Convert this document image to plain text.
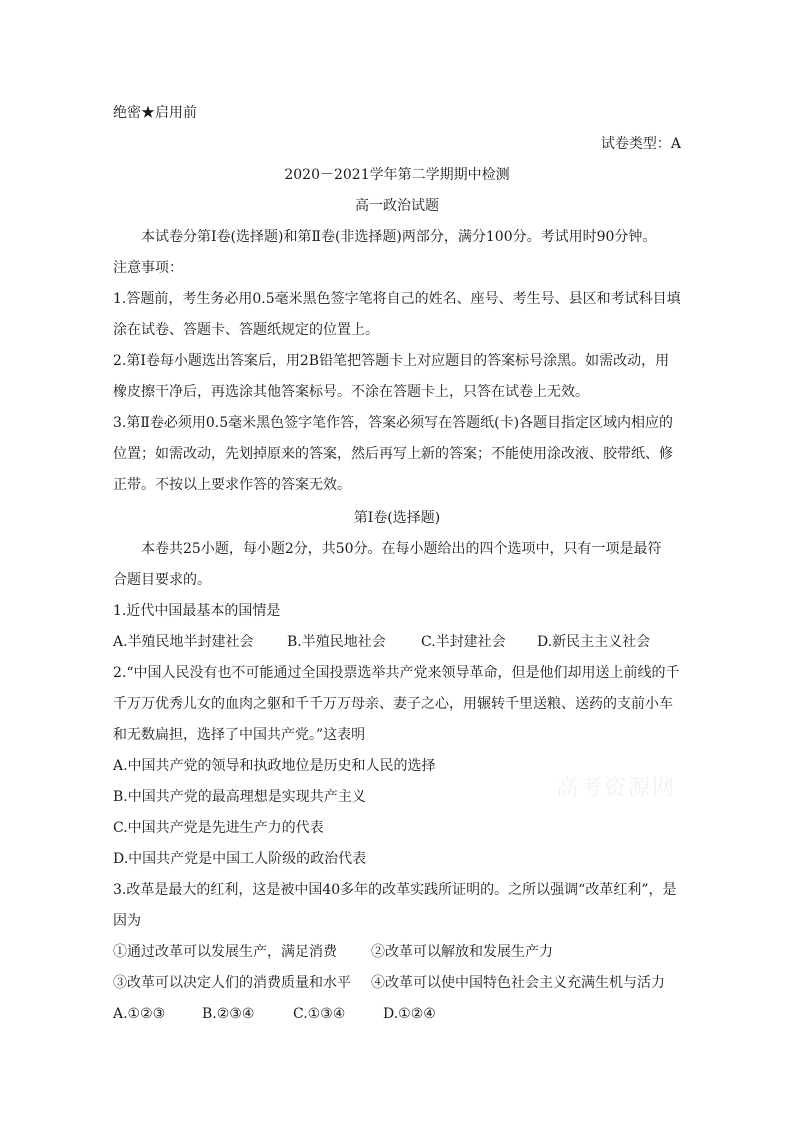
绝密★启用前
试卷类型：A
2020－2021学年第二学期期中检测
高一政治试题
本试卷分第Ⅰ卷(选择题)和第Ⅱ卷(非选择题)两部分，满分100分。考试用时90分钟。
注意事项：
1.答题前，考生务必用0.5毫米黑色签字笔将自己的姓名、座号、考生号、县区和考试科目填
涂在试卷、答题卡、答题纸规定的位置上。
2.第Ⅰ卷每小题选出答案后，用2B铅笔把答题卡上对应题目的答案标号涂黑。如需改动，用
橡皮擦干净后，再选涂其他答案标号。不涂在答题卡上，只答在试卷上无效。
3.第Ⅱ卷必须用0.5毫米黑色签字笔作答，答案必须写在答题纸(卡)各题目指定区域内相应的
位置；如需改动，先划掉原来的答案，然后再写上新的答案；不能使用涂改液、胶带纸、修
正带。不按以上要求作答的答案无效。
第Ⅰ卷(选择题)
本卷共25小题，每小题2分，共50分。在每小题给出的四个选项中，只有一项是最符
合题目要求的。
1.近代中国最基本的国情是
A.半殖民地半封建社会 B.半殖民地社会	C.半封建社会 D.新民主主义社会
2.“中国人民没有也不可能通过全国投票选举共产党来领导革命，但是他们却用送上前线的千
千万万优秀儿女的血肉之躯和千千万万母亲、妻子之心，用辗转千里送粮、送药的支前小车
和无数扁担，选择了中国共产党。”这表明
A.中国共产党的领导和执政地位是历史和人民的选择
B.中国共产党的最高理想是实现共产主义
C.中国共产党是先进生产力的代表
D.中国共产党是中国工人阶级的政治代表
3.改革是最大的红利，这是被中国40多年的改革实践所证明的。之所以强调“改革红利”，是
因为
①通过改革可以发展生产，满足消费 ②改革可以解放和发展生产力
③改革可以决定人们的消费质量和水平 ④改革可以使中国特色社会主义充满生机与活力
A.①②③	B.②③④	C.①③④	D.①②④
高考资源网
